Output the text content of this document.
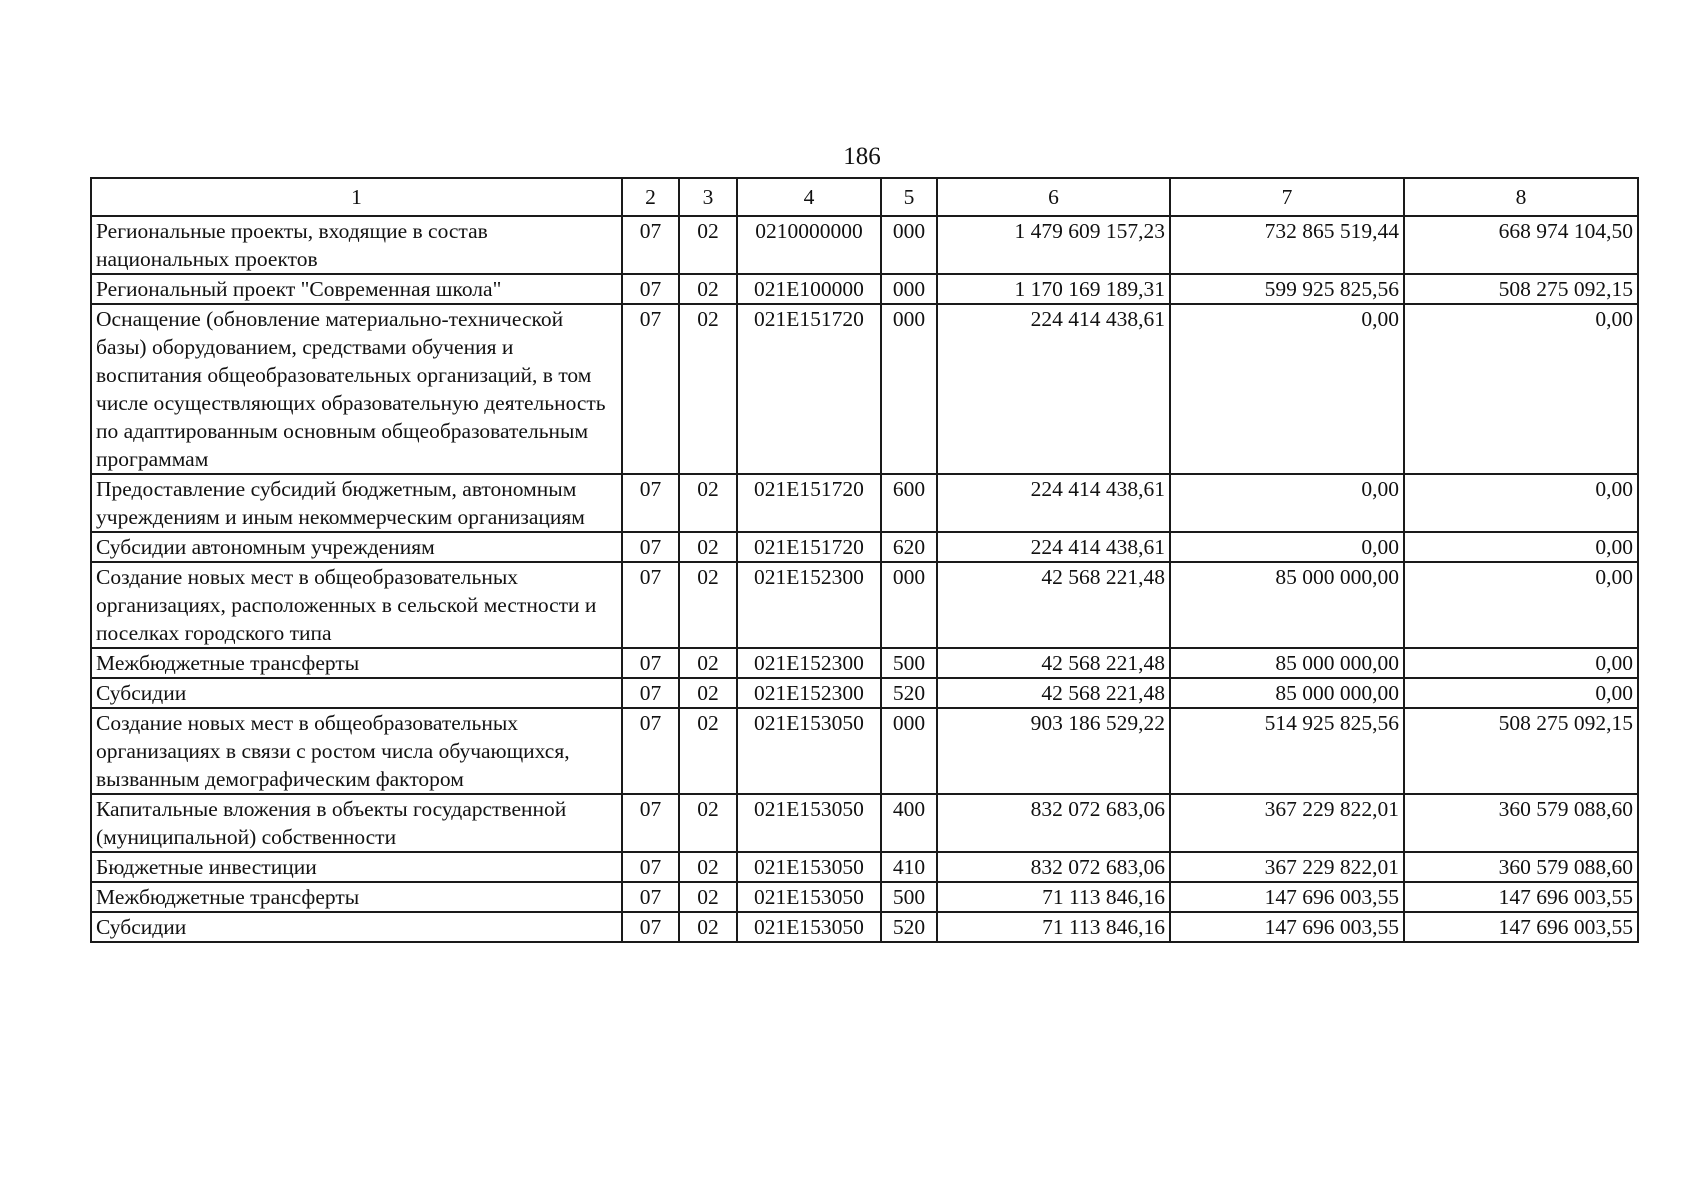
186
1	2	3	4	5	6	7	8
Региональные проекты, входящие в состав национальных проектов	07	02	0210000000	000	1 479 609 157,23	732 865 519,44	668 974 104,50
Региональный проект "Современная школа"	07	02	021E100000	000	1 170 169 189,31	599 925 825,56	508 275 092,15
Оснащение (обновление материально-технической базы) оборудованием, средствами обучения и воспитания общеобразовательных организаций, в том числе осуществляющих образовательную деятельность по адаптированным основным общеобразовательным программам	07	02	021E151720	000	224 414 438,61	0,00	0,00
Предоставление субсидий бюджетным, автономным учреждениям и иным некоммерческим организациям	07	02	021E151720	600	224 414 438,61	0,00	0,00
Субсидии автономным учреждениям	07	02	021E151720	620	224 414 438,61	0,00	0,00
Создание новых мест в общеобразовательных организациях, расположенных в сельской местности и поселках городского типа	07	02	021E152300	000	42 568 221,48	85 000 000,00	0,00
Межбюджетные трансферты	07	02	021E152300	500	42 568 221,48	85 000 000,00	0,00
Субсидии	07	02	021E152300	520	42 568 221,48	85 000 000,00	0,00
Создание новых мест в общеобразовательных организациях в связи с ростом числа обучающихся, вызванным демографическим фактором	07	02	021E153050	000	903 186 529,22	514 925 825,56	508 275 092,15
Капитальные вложения в объекты государственной (муниципальной) собственности	07	02	021E153050	400	832 072 683,06	367 229 822,01	360 579 088,60
Бюджетные инвестиции	07	02	021E153050	410	832 072 683,06	367 229 822,01	360 579 088,60
Межбюджетные трансферты	07	02	021E153050	500	71 113 846,16	147 696 003,55	147 696 003,55
Субсидии	07	02	021E153050	520	71 113 846,16	147 696 003,55	147 696 003,55
